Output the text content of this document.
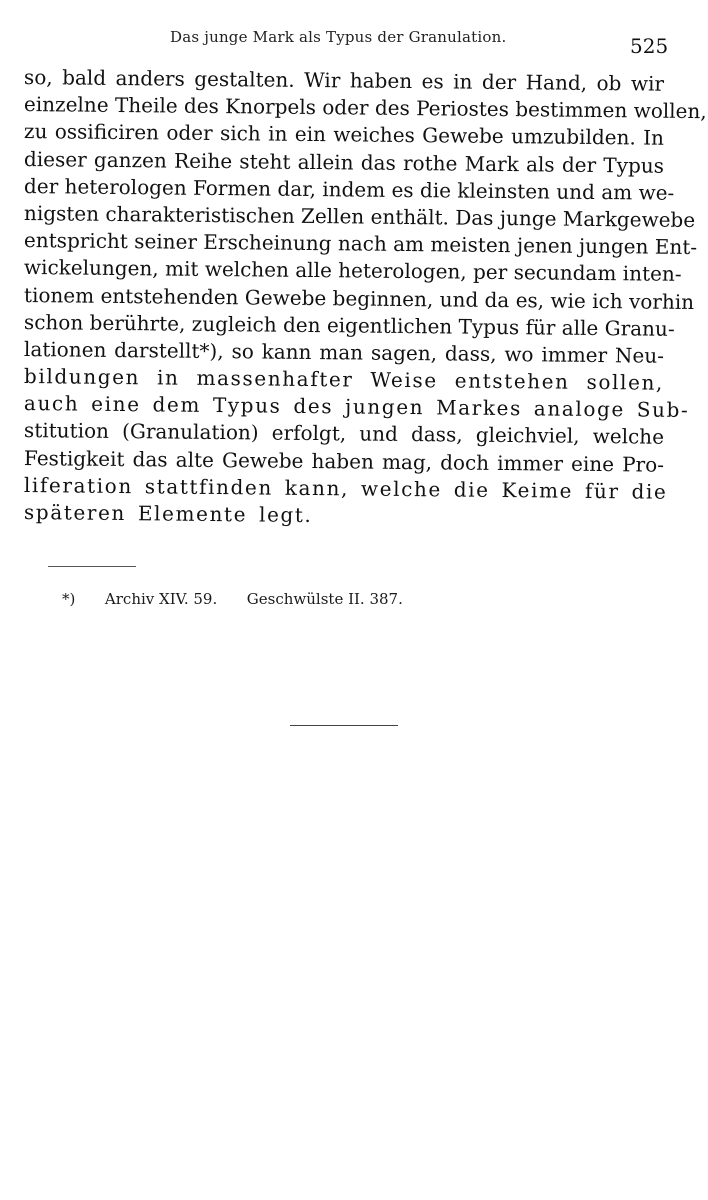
Das junge Mark als Typus der Granulation.	525
so, bald anders gestalten. Wir haben es in der Hand, ob wir
einzelne Theile des Knorpels oder des Periostes bestimmen wollen,
zu ossificiren oder sich in ein weiches Gewebe umzubilden. In
dieser ganzen Reihe steht allein das rothe Mark als der Typus
der heterologen Formen dar, indem es die kleinsten und am we-
nigsten charakteristischen Zellen enthält. Das junge Markgewebe
entspricht seiner Erscheinung nach am meisten jenen jungen Ent-
wickelungen, mit welchen alle heterologen, per secundam inten-
tionem entstehenden Gewebe beginnen, und da es, wie ich vorhin
schon berührte, zugleich den eigentlichen Typus für alle Granu-
lationen darstellt*), so kann man sagen, dass, wo immer Neu-
bildungen in massenhafter Weise entstehen sollen,
auch eine dem Typus des jungen Markes analoge Sub-
stitution (Granulation) erfolgt, und dass, gleichviel, welche
Festigkeit das alte Gewebe haben mag, doch immer eine Pro-
liferation stattfinden kann, welche die Keime für die
späteren Elemente legt.
*) Archiv XIV. 59. Geschwülste II. 387.
